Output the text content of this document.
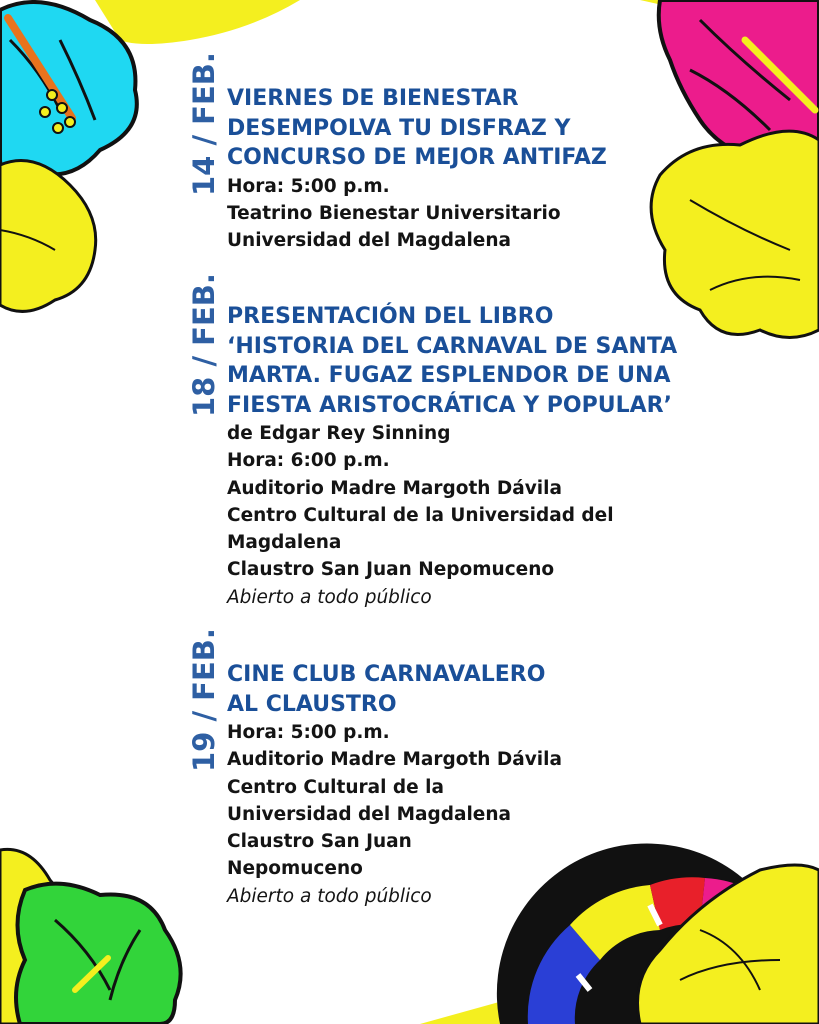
14 / FEB. VIERNES DE BIENESTAR
DESEMPOLVA TU DISFRAZ Y
CONCURSO DE MEJOR ANTIFAZ
Hora: 5:00 p.m.
Teatrino Bienestar Universitario
Universidad del Magdalena
18 / FEB. PRESENTACIÓN DEL LIBRO
‘HISTORIA DEL CARNAVAL DE SANTA
MARTA. FUGAZ ESPLENDOR DE UNA
FIESTA ARISTOCRÁTICA Y POPULAR’
de Edgar Rey Sinning
Hora: 6:00 p.m.
Auditorio Madre Margoth Dávila
Centro Cultural de la Universidad del
Magdalena
Claustro San Juan Nepomuceno
Abierto a todo público
19 / FEB. CINE CLUB CARNAVALERO
AL CLAUSTRO
Hora: 5:00 p.m.
Auditorio Madre Margoth Dávila
Centro Cultural de la
Universidad del Magdalena
Claustro San Juan
Nepomuceno
Abierto a todo público
